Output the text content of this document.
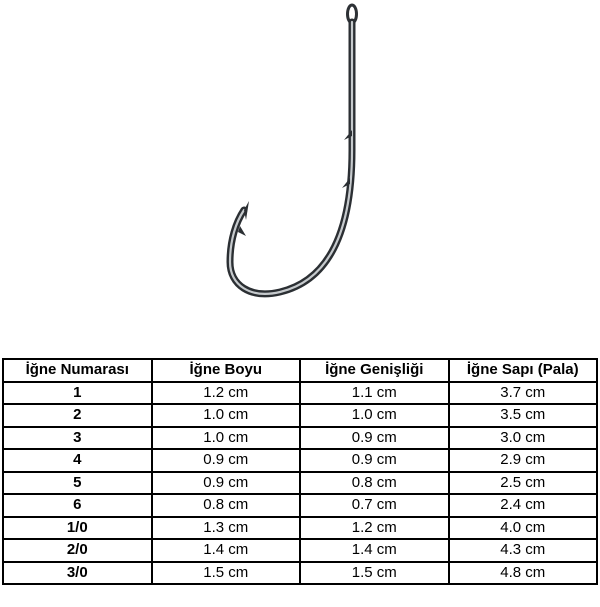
İğne Numarası	İğne Boyu	İğne Genişliği	İğne Sapı (Pala)
1	1.2 cm	1.1 cm	3.7 cm
2	1.0 cm	1.0 cm	3.5 cm
3	1.0 cm	0.9 cm	3.0 cm
4	0.9 cm	0.9 cm	2.9 cm
5	0.9 cm	0.8 cm	2.5 cm
6	0.8 cm	0.7 cm	2.4 cm
1/0	1.3 cm	1.2 cm	4.0 cm
2/0	1.4 cm	1.4 cm	4.3 cm
3/0	1.5 cm	1.5 cm	4.8 cm
